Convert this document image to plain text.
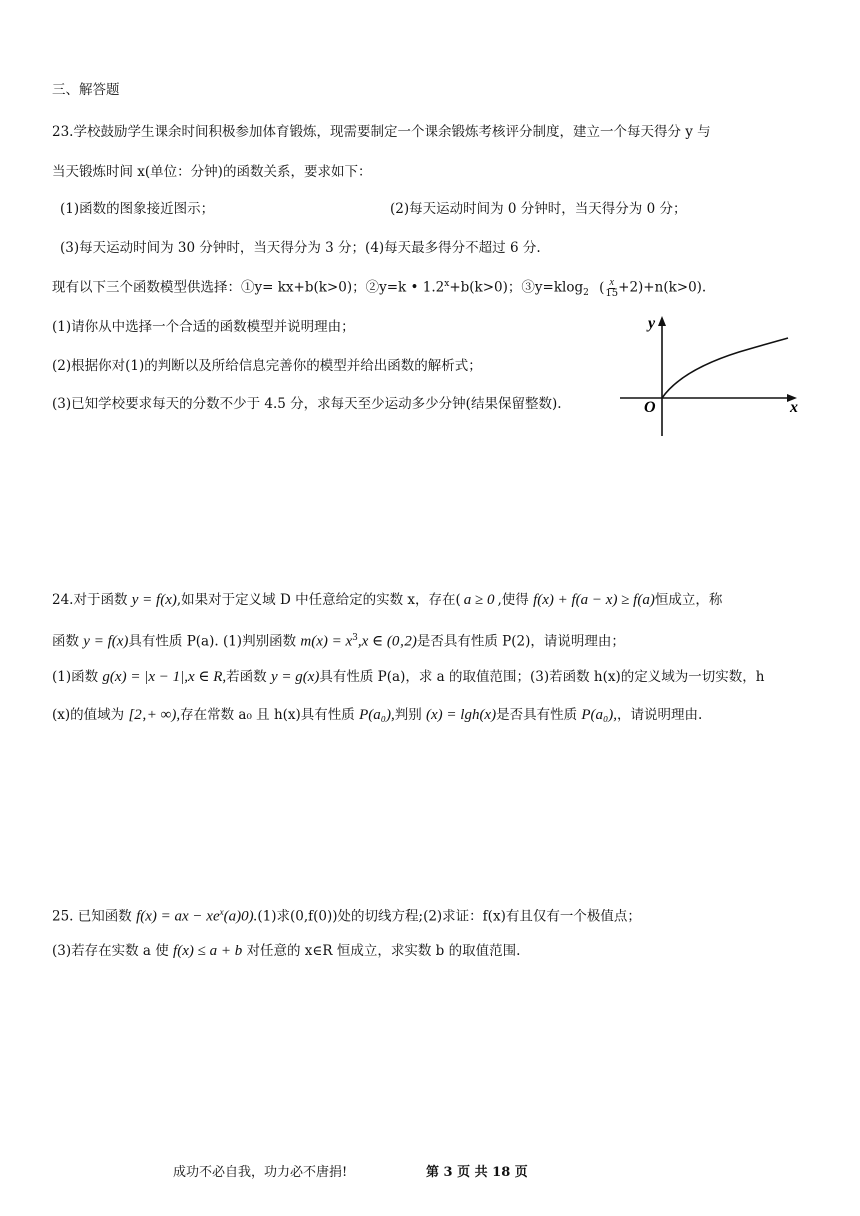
三、解答题
23.学校鼓励学生课余时间积极参加体育锻炼，现需要制定一个课余锻炼考核评分制度，建立一个每天得分 y 与
当天锻炼时间 x(单位：分钟)的函数关系，要求如下：
(1)函数的图象接近图示；	(2)每天运动时间为 0 分钟时，当天得分为 0 分；
(3)每天运动时间为 30 分钟时，当天得分为 3 分；(4)每天最多得分不超过 6 分.
现有以下三个函数模型供选择：①y= kx+b(k>0)；②y=k • $1.2^x+b(k>0)$；③y=klog$_2$ ( $\frac{x}{15} +2)+n(k>0)$.
(1)请你从中选择一个合适的函数模型并说明理由；
(2)根据你对(1)的判断以及所给信息完善你的模型并给出函数的解析式；
(3)已知学校要求每天的分数不少于 4.5 分，求每天至少运动多少分钟(结果保留整数).
y
x
O
24.对于函数 y = f(x),如果对于定义域 D 中任意给定的实数 x，存在( a ≥ 0 ,使得 f(x) + f(a − x) ≥ f(a)恒成立，称
函数 y = f(x)具有性质 P(a). (1)判别函数 $m(x) = x^3,x$ ∈ (0‚2)是否具有性质 P(2)，请说明理由；
(1)函数 g(x) = |x − 1|,x ∈ R,若函数 y = g(x)具有性质 P(a)，求 a 的取值范围；(3)若函数 h(x)的定义域为一切实数，h
(x)的值域为 [2‚+ ∞),存在常数 a₀ 且 h(x)具有性质 P(a₀),判别 (x) = lgh(x)是否具有性质 P(a₀),，请说明理由.
25. 已知函数 f(x) = ax − $xe^x(a)0).(1)$求(0,f(0))处的切线方程;(2)求证：f(x)有且仅有一个极值点；
(3)若存在实数 a 使 f(x) ≤ a + b 对任意的 x∈R 恒成立，求实数 b 的取值范围.
成功不必自我，功力必不唐捐!	第 3 页 共 18 页
